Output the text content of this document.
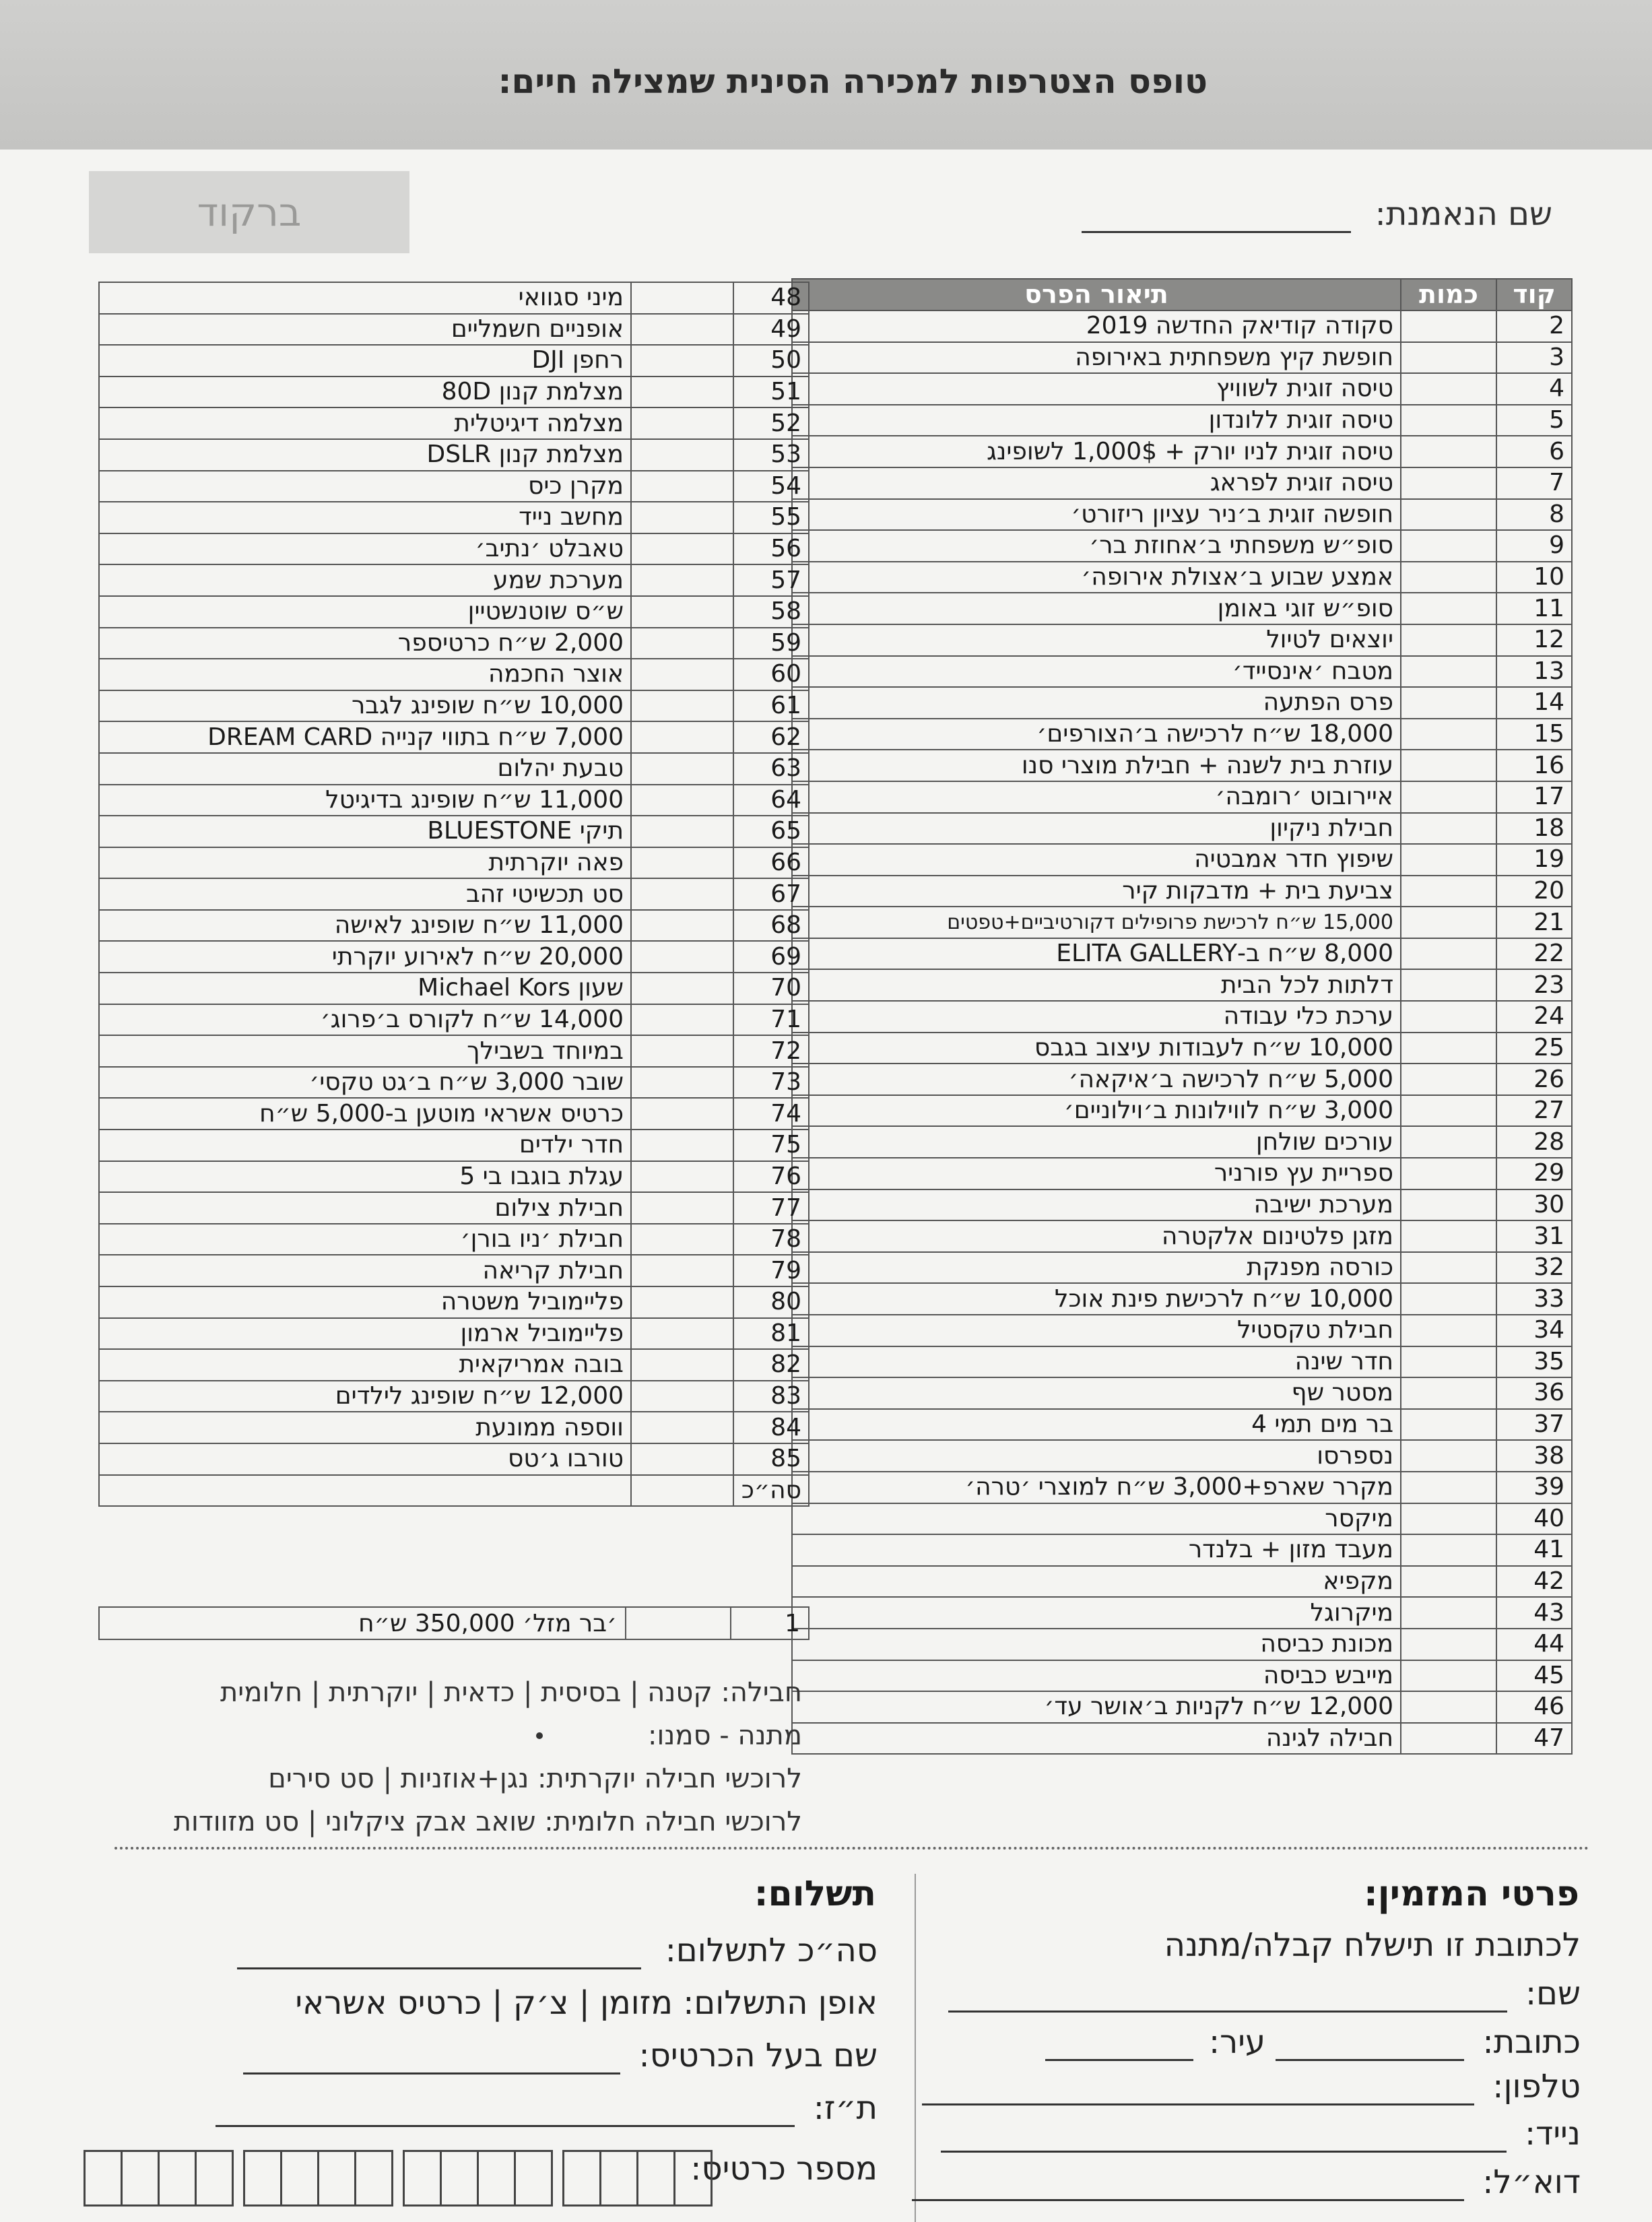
טופס הצטרפות למכירה הסינית שמצילה חיים:
ברקוד	שם הנאמנת:
קוד	כמות	תיאור הפרס
2		סקודה קודיאק החדשה 2019
3		חופשת קיץ משפחתית באירופה
4		טיסה זוגית לשוויץ
5		טיסה זוגית ללונדון
6		טיסה זוגית לניו יורק + 1,000$ לשופינג
7		טיסה זוגית לפראג
8		חופשה זוגית ב׳ניר עציון ריזורט׳
9		סופ״ש משפחתי ב׳אחוזת בר׳
10		אמצע שבוע ב׳אצולת אירופה׳
11		סופ״ש זוגי באומן
12		יוצאים לטיול
13		מטבח ׳אינסייד׳
14		פרס הפתעה
15		18,000 ש״ח לרכישה ב׳הצורפים׳
16		עוזרת בית לשנה + חבילת מוצרי סנו
17		איירובוט ׳רומבה׳
18		חבילת ניקיון
19		שיפוץ חדר אמבטיה
20		צביעת בית + מדבקות קיר
21		15,000 ש״ח לרכישת פרופילים דקורטיביים+טפטים
22		8,000 ש״ח ב-ELITA GALLERY
23		דלתות לכל הבית
24		ערכת כלי עבודה
25		10,000 ש״ח לעבודות עיצוב בגבס
26		5,000 ש״ח לרכישה ב׳איקאה׳
27		3,000 ש״ח לווילונות ב׳וילוניים׳
28		עורכים שולחן
29		ספריית עץ פורניר
30		מערכת ישיבה
31		מזגן פלטינום אלקטרה
32		כורסה מפנקת
33		10,000 ש״ח לרכישת פינת אוכל
34		חבילת טקסטיל
35		חדר שינה
36		מסטר שף
37		בר מים תמי 4
38		נספרסו
39		מקרר שארפ+3,000 ש״ח למוצרי ׳טרה׳
40		מיקסר
41		מעבד מזון + בלנדר
42		מקפיא
43		מיקרוגל
44		מכונת כביסה
45		מייבש כביסה
46		12,000 ש״ח לקניות ב׳אושר עד׳
47		חבילה לגינה
48		מיני סגוואי
49		אופניים חשמליים
50		רחפן DJI
51		מצלמת קנון 80D
52		מצלמה דיגיטלית
53		מצלמת קנון DSLR
54		מקרן כיס
55		מחשב נייד
56		טאבלט ׳נתיב׳
57		מערכת שמע
58		ש״ס שוטנשטיין
59		2,000 ש״ח כרטיספר
60		אוצר החכמה
61		10,000 ש״ח שופינג לגבר
62		7,000 ש״ח בתווי קנייה DREAM CARD
63		טבעת יהלום
64		11,000 ש״ח שופינג בדיגיטל
65		תיקי BLUESTONE
66		פאה יוקרתית
67		סט תכשיטי זהב
68		11,000 ש״ח שופינג לאישה
69		20,000 ש״ח לאירוע יוקרתי
70		שעון Michael Kors
71		14,000 ש״ח לקורס ב׳פרוג׳
72		במיוחד בשבילך
73		שובר 3,000 ש״ח ב׳גט טקסי׳
74		כרטיס אשראי מוטען ב-5,000 ש״ח
75		חדר ילדים
76		עגלת בוגבו בי 5
77		חבילת צילום
78		חבילת ׳ניו בורן׳
79		חבילת קריאה
80		פליימוביל משטרה
81		פליימוביל ארמון
82		בובה אמריקאית
83		12,000 ש״ח שופינג לילדים
84		ווספה ממונעת
85		טורבו ג׳טס
סה״כ		
1		׳בר מזל׳ 350,000 ש״ח
חבילה: קטנה | בסיסית | כדאית | יוקרתית | חלומית
מתנה - סמנו:
לרוכשי חבילה יוקרתית: נגן+אוזניות | סט סירים
לרוכשי חבילה חלומית: שואב אבק ציקלוני | סט מזוודות
פרטי המזמין:
לכתובת זו תישלח קבלה/מתנה
שם:
כתובת:  עיר:
טלפון:
נייד:
דוא״ל:
תשלום:
סה״כ לתשלום:
אופן התשלום: מזומן | צ׳ק | כרטיס אשראי
שם בעל הכרטיס:
ת״ז:
מספר כרטיס:
